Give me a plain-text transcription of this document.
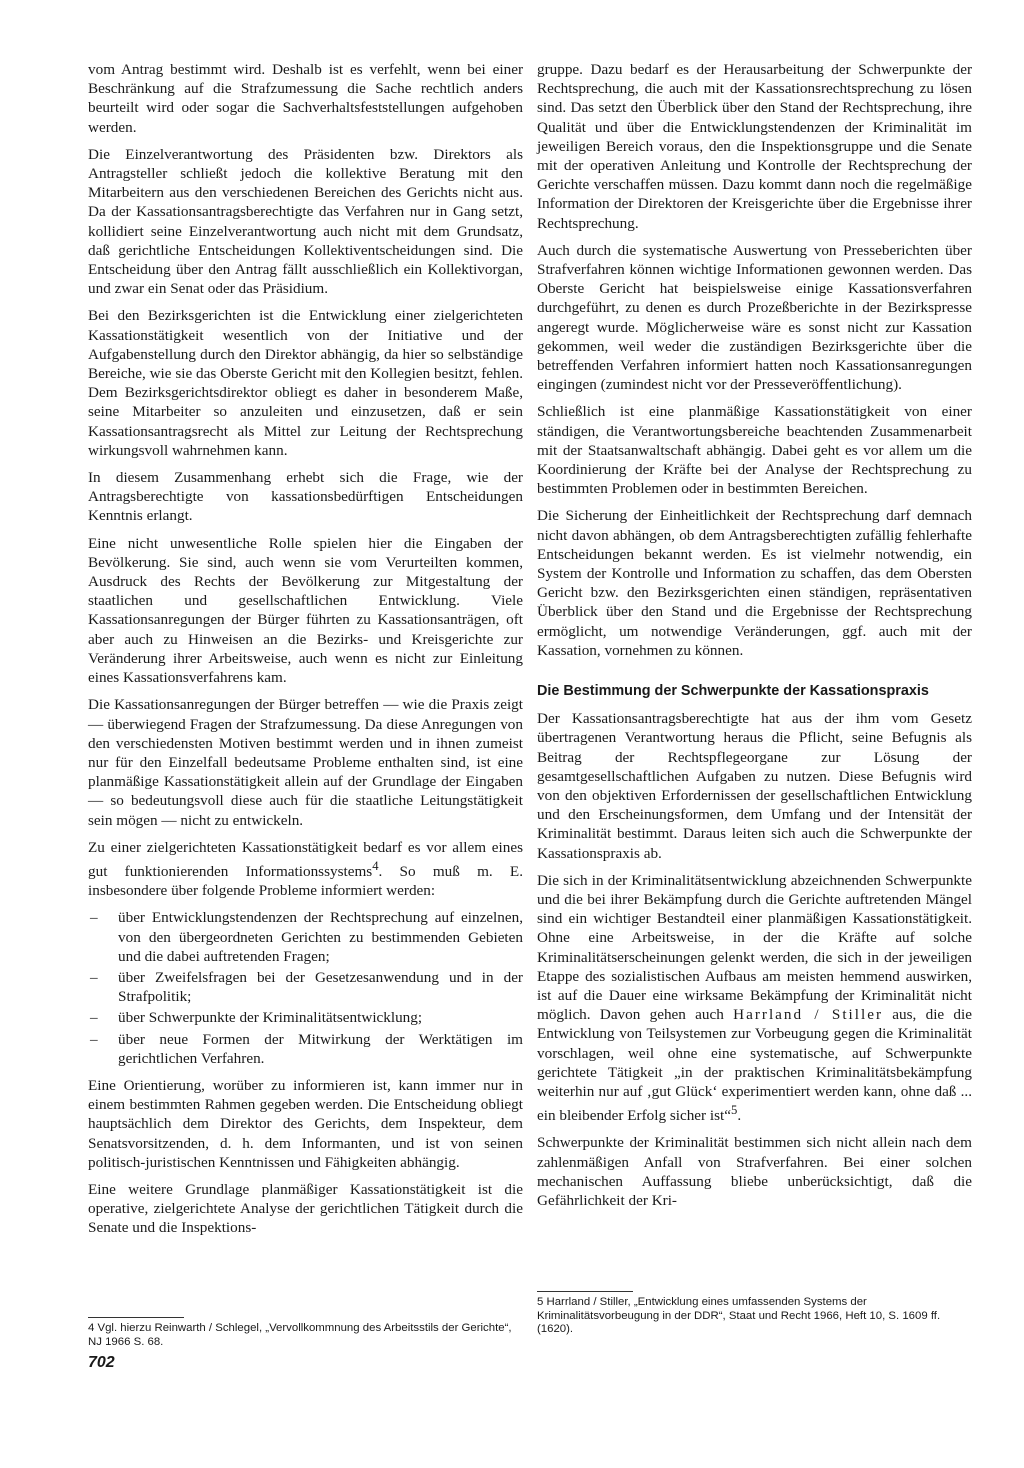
vom Antrag bestimmt wird. Deshalb ist es verfehlt, wenn bei einer Beschränkung auf die Strafzumessung die Sache rechtlich anders beurteilt wird oder sogar die Sachverhaltsfeststellungen aufgehoben werden.

Die Einzelverantwortung des Präsidenten bzw. Direktors als Antragsteller schließt jedoch die kollektive Beratung mit den Mitarbeitern aus den verschiedenen Bereichen des Gerichts nicht aus. Da der Kassationsantragsberechtigte das Verfahren nur in Gang setzt, kollidiert seine Einzelverantwortung auch nicht mit dem Grundsatz, daß gerichtliche Entscheidungen Kollektiventscheidungen sind. Die Entscheidung über den Antrag fällt ausschließlich ein Kollektivorgan, und zwar ein Senat oder das Präsidium.

Bei den Bezirksgerichten ist die Entwicklung einer zielgerichteten Kassationstätigkeit wesentlich von der Initiative und der Aufgabenstellung durch den Direktor abhängig, da hier so selbständige Bereiche, wie sie das Oberste Gericht mit den Kollegien besitzt, fehlen. Dem Bezirksgerichtsdirektor obliegt es daher in besonderem Maße, seine Mitarbeiter so anzuleiten und einzusetzen, daß er sein Kassationsantragsrecht als Mittel zur Leitung der Rechtsprechung wirkungsvoll wahrnehmen kann.

In diesem Zusammenhang erhebt sich die Frage, wie der Antragsberechtigte von kassationsbedürftigen Entscheidungen Kenntnis erlangt.

Eine nicht unwesentliche Rolle spielen hier die Eingaben der Bevölkerung. Sie sind, auch wenn sie vom Verurteilten kommen, Ausdruck des Rechts der Bevölkerung zur Mitgestaltung der staatlichen und gesellschaftlichen Entwicklung. Viele Kassationsanregungen der Bürger führten zu Kassationsanträgen, oft aber auch zu Hinweisen an die Bezirks- und Kreisgerichte zur Veränderung ihrer Arbeitsweise, auch wenn es nicht zur Einleitung eines Kassationsverfahrens kam.

Die Kassationsanregungen der Bürger betreffen — wie die Praxis zeigt — überwiegend Fragen der Strafzumessung. Da diese Anregungen von den verschiedensten Motiven bestimmt werden und in ihnen zumeist nur für den Einzelfall bedeutsame Probleme enthalten sind, ist eine planmäßige Kassationstätigkeit allein auf der Grundlage der Eingaben — so bedeutungsvoll diese auch für die staatliche Leitungstätigkeit sein mögen — nicht zu entwickeln.

Zu einer zielgerichteten Kassationstätigkeit bedarf es vor allem eines gut funktionierenden Informationssystems$^4$. So muß m. E. insbesondere über folgende Probleme informiert werden:

– über Entwicklungstendenzen der Rechtsprechung auf einzelnen, von den übergeordneten Gerichten zu bestimmenden Gebieten und die dabei auftretenden Fragen;
– über Zweifelsfragen bei der Gesetzesanwendung und in der Strafpolitik;
– über Schwerpunkte der Kriminalitätsentwicklung;
– über neue Formen der Mitwirkung der Werktätigen im gerichtlichen Verfahren.

Eine Orientierung, worüber zu informieren ist, kann immer nur in einem bestimmten Rahmen gegeben werden. Die Entscheidung obliegt hauptsächlich dem Direktor des Gerichts, dem Inspekteur, dem Senatsvorsitzenden, d. h. dem Informanten, und ist von seinen politisch-juristischen Kenntnissen und Fähigkeiten abhängig.

Eine weitere Grundlage planmäßiger Kassationstätigkeit ist die operative, zielgerichtete Analyse der gerichtlichen Tätigkeit durch die Senate und die Inspektions-

gruppe. Dazu bedarf es der Herausarbeitung der Schwerpunkte der Rechtsprechung, die auch mit der Kassationsrechtsprechung zu lösen sind. Das setzt den Überblick über den Stand der Rechtsprechung, ihre Qualität und über die Entwicklungstendenzen der Kriminalität im jeweiligen Bereich voraus, den die Inspektionsgruppe und die Senate mit der operativen Anleitung und Kontrolle der Rechtsprechung der Gerichte verschaffen müssen. Dazu kommt dann noch die regelmäßige Information der Direktoren der Kreisgerichte über die Ergebnisse ihrer Rechtsprechung.

Auch durch die systematische Auswertung von Presseberichten über Strafverfahren können wichtige Informationen gewonnen werden. Das Oberste Gericht hat beispielsweise einige Kassationsverfahren durchgeführt, zu denen es durch Prozeßberichte in der Bezirkspresse angeregt wurde. Möglicherweise wäre es sonst nicht zur Kassation gekommen, weil weder die zuständigen Bezirksgerichte über die betreffenden Verfahren informiert hatten noch Kassationsanregungen eingingen (zumindest nicht vor der Presseveröffentlichung).

Schließlich ist eine planmäßige Kassationstätigkeit von einer ständigen, die Verantwortungsbereiche beachtenden Zusammenarbeit mit der Staatsanwaltschaft abhängig. Dabei geht es vor allem um die Koordinierung der Kräfte bei der Analyse der Rechtsprechung zu bestimmten Problemen oder in bestimmten Bereichen.

Die Sicherung der Einheitlichkeit der Rechtsprechung darf demnach nicht davon abhängen, ob dem Antragsberechtigten zufällig fehlerhafte Entscheidungen bekannt werden. Es ist vielmehr notwendig, ein System der Kontrolle und Information zu schaffen, das dem Obersten Gericht bzw. den Bezirksgerichten einen ständigen, repräsentativen Überblick über den Stand und die Ergebnisse der Rechtsprechung ermöglicht, um notwendige Veränderungen, ggf. auch mit der Kassation, vornehmen zu können.

Die Bestimmung der Schwerpunkte der Kassationspraxis

Der Kassationsantragsberechtigte hat aus der ihm vom Gesetz übertragenen Verantwortung heraus die Pflicht, seine Befugnis als Beitrag der Rechtspflegeorgane zur Lösung der gesamtgesellschaftlichen Aufgaben zu nutzen. Diese Befugnis wird von den objektiven Erfordernissen der gesellschaftlichen Entwicklung und den Erscheinungsformen, dem Umfang und der Intensität der Kriminalität bestimmt. Daraus leiten sich auch die Schwerpunkte der Kassationspraxis ab.

Die sich in der Kriminalitätsentwicklung abzeichnenden Schwerpunkte und die bei ihrer Bekämpfung durch die Gerichte auftretenden Mängel sind ein wichtiger Bestandteil einer planmäßigen Kassationstätigkeit. Ohne eine Arbeitsweise, in der die Kräfte auf solche Kriminalitätserscheinungen gelenkt werden, die sich in der jeweiligen Etappe des sozialistischen Aufbaus am meisten hemmend auswirken, ist auf die Dauer eine wirksame Bekämpfung der Kriminalität nicht möglich. Davon gehen auch Harrland / Stiller aus, die die Entwicklung von Teilsystemen zur Vorbeugung gegen die Kriminalität vorschlagen, weil ohne eine systematische, auf Schwerpunkte gerichtete Tätigkeit „in der praktischen Kriminalitätsbekämpfung weiterhin nur auf ‚gut Glück‘ experimentiert werden kann, ohne daß ... ein bleibender Erfolg sicher ist“$^5$.

Schwerpunkte der Kriminalität bestimmen sich nicht allein nach dem zahlenmäßigen Anfall von Strafverfahren. Bei einer solchen mechanischen Auffassung bliebe unberücksichtigt, daß die Gefährlichkeit der Kri-

4 Vgl. hierzu Reinwarth / Schlegel, „Vervollkommnung des Arbeitsstils der Gerichte“, NJ 1966 S. 68.
5 Harrland / Stiller, „Entwicklung eines umfassenden Systems der Kriminalitätsvorbeugung in der DDR“, Staat und Recht 1966, Heft 10, S. 1609 ff. (1620).
702
